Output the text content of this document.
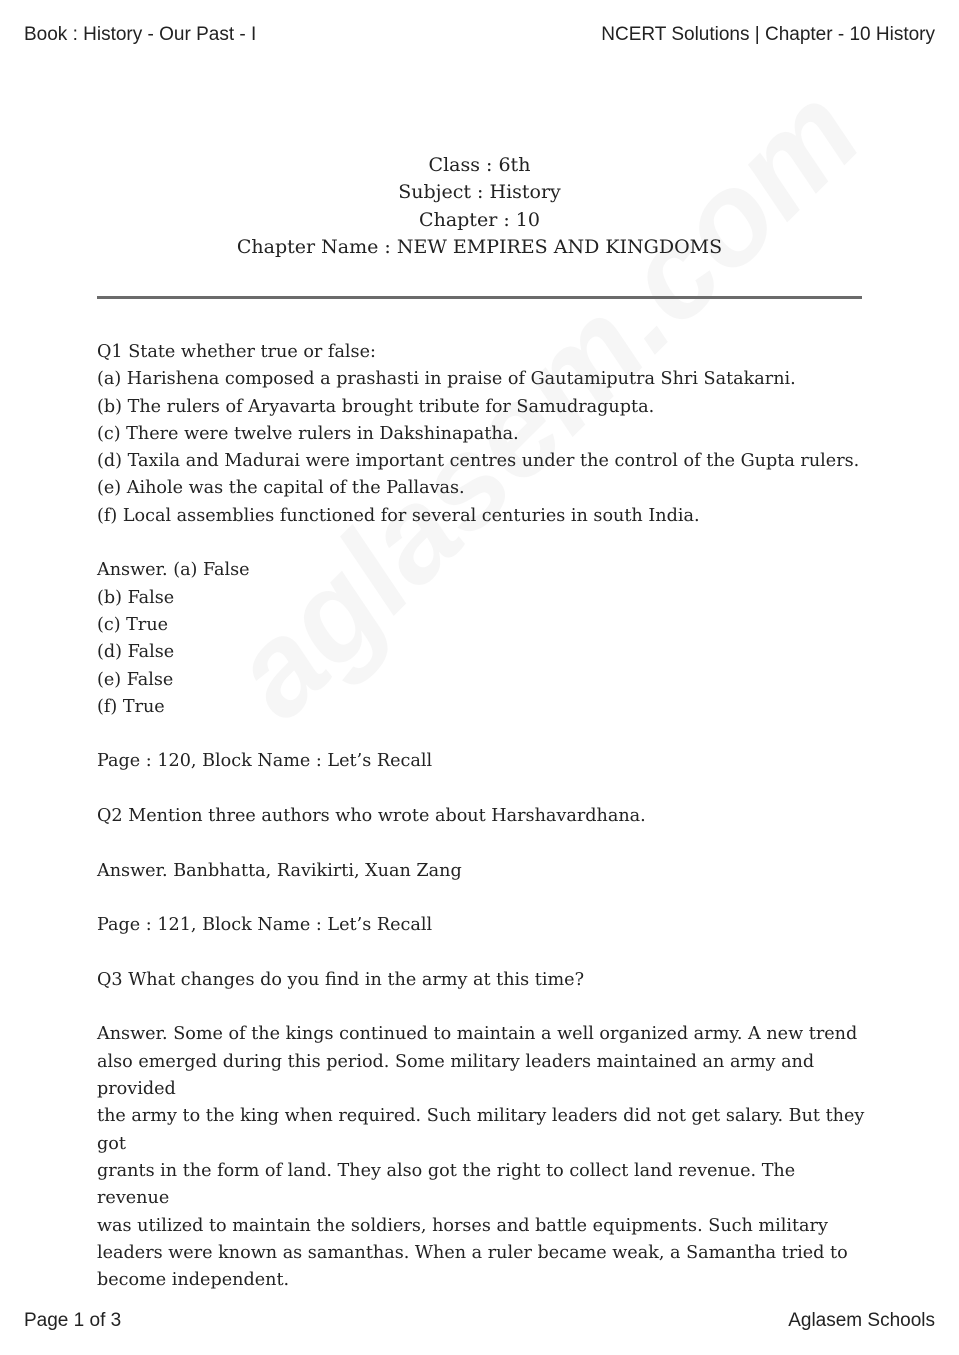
Book : History - Our Past - I	NCERT Solutions | Chapter - 10 History
Class : 6th
Subject : History
Chapter : 10
Chapter Name : NEW EMPIRES AND KINGDOMS

Q1 State whether true or false:

(a) Harishena composed a prashasti in praise of Gautamiputra Shri Satakarni.

(b) The rulers of Aryavarta brought tribute for Samudragupta.

(c) There were twelve rulers in Dakshinapatha.

(d) Taxila and Madurai were important centres under the control of the Gupta rulers.

(e) Aihole was the capital of the Pallavas.

(f) Local assemblies functioned for several centuries in south India.

Answer. (a) False

(b) False

(c) True

(d) False

(e) False

(f) True

Page : 120, Block Name : Let’s Recall

Q2 Mention three authors who wrote about Harshavardhana.

Answer. Banbhatta, Ravikirti, Xuan Zang

Page : 121, Block Name : Let’s Recall

Q3 What changes do you find in the army at this time?

Answer. Some of the kings continued to maintain a well organized army. A new trend

also emerged during this period. Some military leaders maintained an army and provided

the army to the king when required. Such military leaders did not get salary. But they got

grants in the form of land. They also got the right to collect land revenue. The revenue

was utilized to maintain the soldiers, horses and battle equipments. Such military

leaders were known as samanthas. When a ruler became weak, a Samantha tried to

become independent.

Page 1 of 3	Aglasem Schools
